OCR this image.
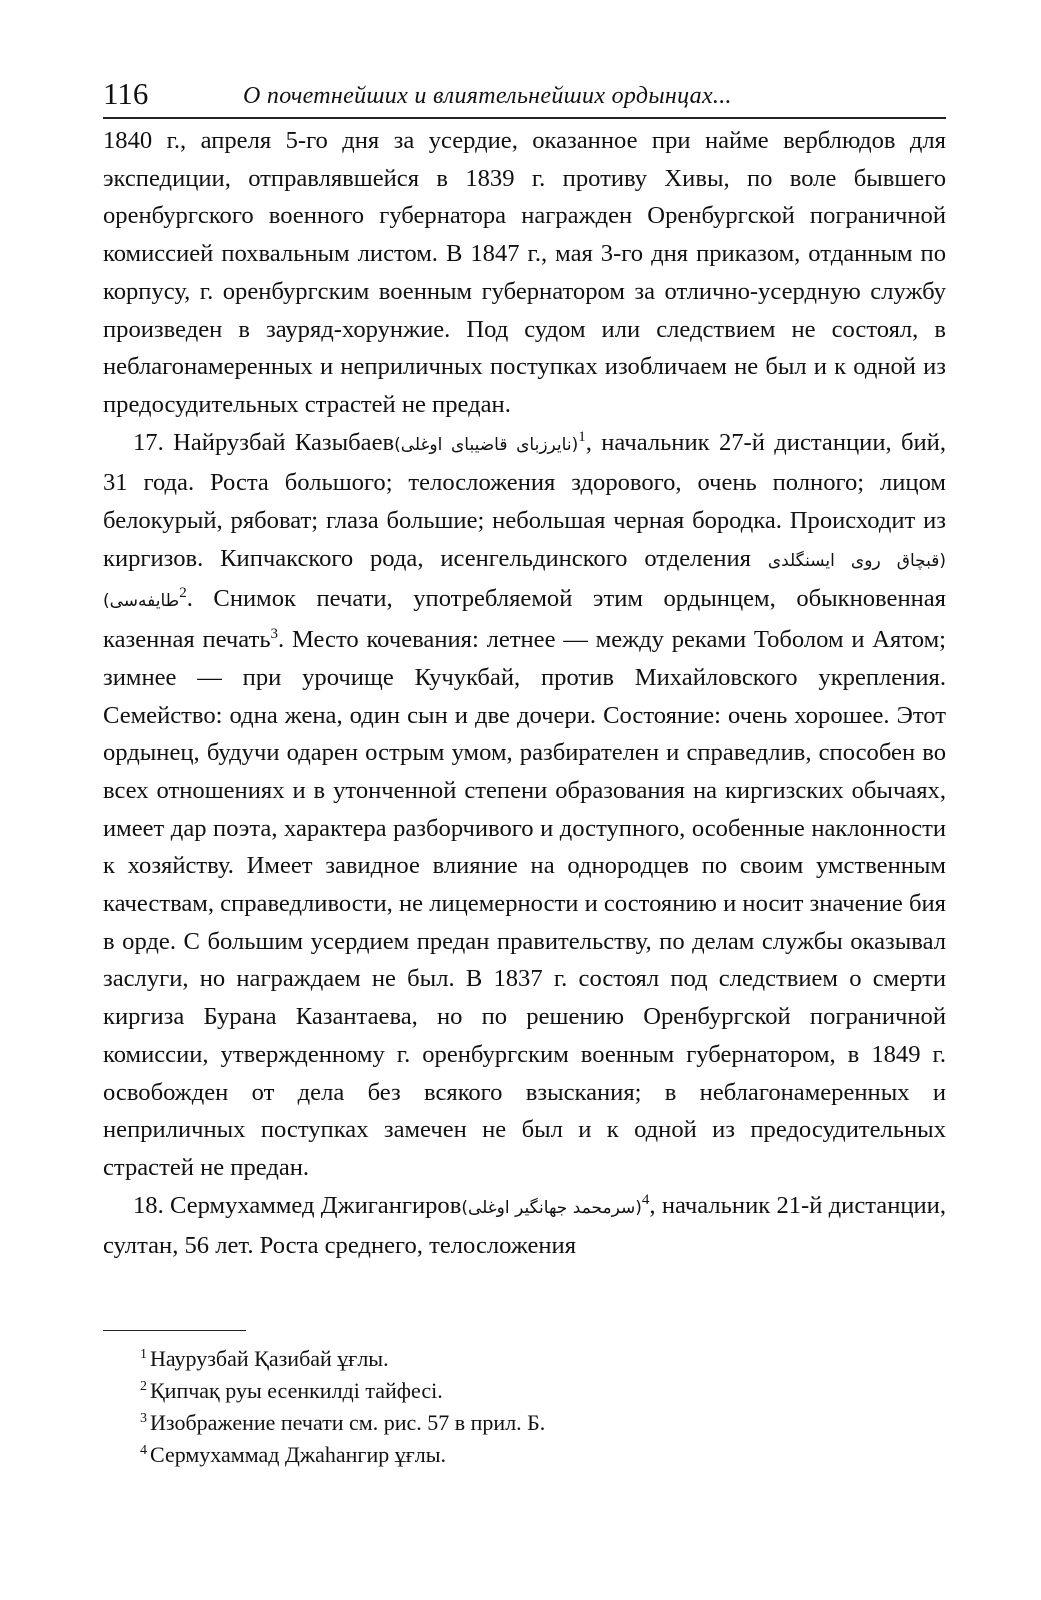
116	О почетнейших и влиятельнейших ордынцах...

1840 г., апреля 5-го дня за усердие, оказанное при найме верблюдов для экспедиции, отправлявшейся в 1839 г. противу Хивы, по воле бывшего оренбургского военного губернатора награжден Оренбургской пограничной комиссией похвальным листом. В 1847 г., мая 3-го дня приказом, отданным по корпусу, г. оренбургским военным губернатором за отлично-усердную службу произведен в зауряд-хорунжие. Под судом или следствием не состоял, в неблагонамеренных и неприличных поступках изобличаем не был и к одной из предосудительных страстей не предан.

17. Найрузбай Казыбаев(نایرزبای قاضیبای اوغلی)$^1$, начальник 27-й дистанции, бий, 31 года. Роста большого; телосложения здорового, очень полного; лицом белокурый, рябоват; глаза большие; небольшая черная бородка. Происходит из киргизов. Кипчакского рода, исенгельдинского отделения (قبچاق روی ایسنگلدی طایفه‌سی)$^2$. Снимок печати, употребляемой этим ордынцем, обыкновенная казенная печать$^3$. Место кочевания: летнее — между реками Тоболом и Аятом; зимнее — при урочище Кучукбай, против Михайловского укрепления. Семейство: одна жена, один сын и две дочери. Состояние: очень хорошее. Этот ордынец, будучи одарен острым умом, разбирателен и справедлив, способен во всех отношениях и в утонченной степени образования на киргизских обычаях, имеет дар поэта, характера разборчивого и доступного, особенные наклонности к хозяйству. Имеет завидное влияние на однородцев по своим умственным качествам, справедливости, не лицемерности и состоянию и носит значение бия в орде. С большим усердием предан правительству, по делам службы оказывал заслуги, но награждаем не был. В 1837 г. состоял под следствием о смерти киргиза Бурана Казантаева, но по решению Оренбургской пограничной комиссии, утвержденному г. оренбургским военным губернатором, в 1849 г. освобожден от дела без всякого взыскания; в неблагонамеренных и неприличных поступках замечен не был и к одной из предосудительных страстей не предан.

18. Сермухаммед Джигангиров(سرمحمد جهانگیر اوغلی)$^4$, начальник 21-й дистанции, султан, 56 лет. Роста среднего, телосложения

$^1$ Наурузбай Қазибай ұғлы.
$^2$ Қипчақ руы есенкилді тайфесі.
$^3$ Изображение печати см. рис. 57 в прил. Б.
$^4$ Сермухаммад Джаһангир ұғлы.
